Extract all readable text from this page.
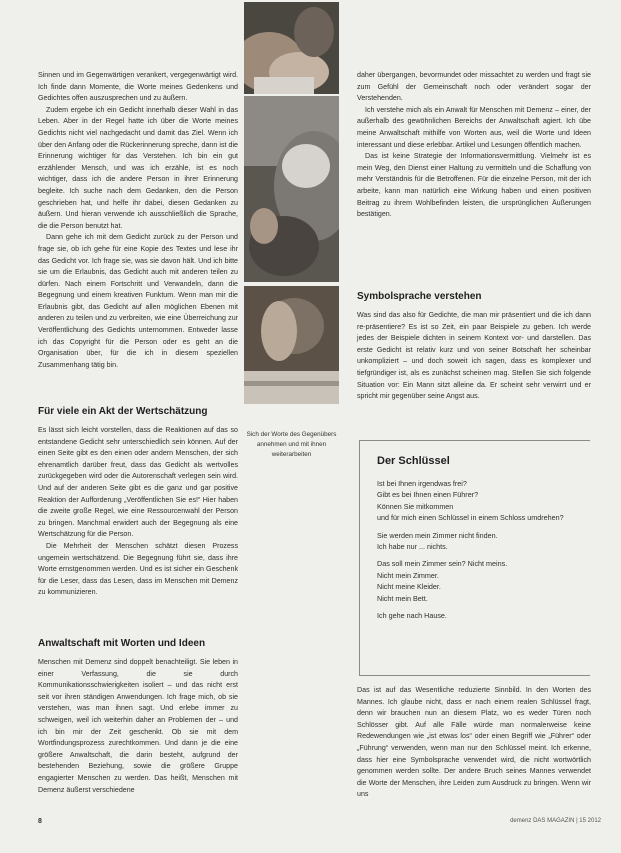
Sinnen und im Gegenwärtigen verankert, vergegenwärtigt wird. Ich finde dann Momente, die Worte meines Gedenkens und Gedichtes offen auszusprechen und zu äußern.

Zudem ergebe ich ein Gedicht innerhalb dieser Wahl in das Leben. Aber in der Regel hatte ich über die Worte meines Gedichts nicht viel nachgedacht und damit das Ziel. Wenn ich über den Anfang oder die Rückerinnerung spreche, dann ist die Erinnerung wichtiger für das Verstehen. Ich bin ein gut erzählender Mensch, und was ich erzähle, ist es noch wichtiger, dass ich die andere Person in ihrer Erinnerung begleite. Ich suche nach dem Gedanken, den die Person geschrieben hat, und helfe ihr dabei, diesen Gedanken zu äußern. Und hieran verwende ich ausschließlich die Sprache, die die Person benutzt hat.

Dann gehe ich mit dem Gedicht zurück zu der Person und frage sie, ob ich gehe für eine Kopie des Textes und lese ihr das Gedicht vor. Ich frage sie, was sie davon hält. Und ich bitte sie um die Erlaubnis, das Gedicht auch mit anderen teilen zu dürfen. Nach einem Fortschritt und Verwandeln, dann die Begegnung und einem kreativen Funktum. Wenn man mir die Erlaubnis gibt, das Gedicht auf allen möglichen Ebenen mit anderen zu teilen und zu verbreiten, wie eine Überreichung zur Veröffentlichung des Gedichts unternommen. Entweder lasse ich das Copyright für die Person oder es geht an die Organisation über, für die ich in diesem speziellen Zusammenhang tätig bin.

Für viele ein Akt der Wertschätzung

Es lässt sich leicht vorstellen, dass die Reaktionen auf das so entstandene Gedicht sehr unterschiedlich sein können. Auf der einen Seite gibt es den einen oder andern Menschen, der sich ehrenamtlich darüber freut, dass das Gedicht als wertvolles zurückgegeben wird oder die Autorenschaft verlegen sein wird. Und auf der anderen Seite gibt es die ganz und gar positive Reaktion der Aufforderung „Veröffentlichen Sie es!“ Hier haben die zweite große Regel, wie eine Ressourcenwahl der Person zu bringen. Manchmal erwidert auch der Begegnung als eine Wertschätzung für die Person.

Die Mehrheit der Menschen schätzt diesen Prozess ungemein wertschätzend. Die Begegnung führt sie, dass ihre Worte ernstgenommen werden. Und es ist sicher ein Geschenk für die Leser, dass das Lesen, dass im Menschen mit Demenz zu kommunizieren.

Anwaltschaft mit Worten und Ideen

Menschen mit Demenz sind doppelt benachteiligt. Sie leben in einer Verfassung, die sie durch Kommunikationsschwierigkeiten isoliert – und das nicht erst seit vor ihren ständigen Anwendungen. Ich frage mich, ob sie verstehen, was man ihnen sagt. Und erlebe immer zu schweigen, weil ich weiterhin daher an Problemen der – und ich bin mir der Zeit geschenkt. Ob sie mit dem Wortfindungsprozess zurechtkommen. Und dann je die eine größere Anwaltschaft, die darin besteht, aufgrund der bestehenden Beziehung, sowie die größere Gruppe engagierter Menschen zu werden. Das heißt, Menschen mit Demenz äußerst verschiedene

Sich der Worte des Gegenübers annehmen und mit ihnen weiterarbeiten

daher übergangen, bevormundet oder missachtet zu werden und fragt sie zum Gefühl der Gemeinschaft noch oder verändert sogar der Verstehenden.

Ich verstehe mich als ein Anwalt für Menschen mit Demenz – einer, der außerhalb des gewöhnlichen Bereichs der Anwaltschaft agiert. Ich übe meine Anwaltschaft mithilfe von Worten aus, weil die Worte und Ideen interessant und diese erlebbar. Artikel und Lesungen öffentlich machen.

Das ist keine Strategie der Informationsvermittlung. Vielmehr ist es mein Weg, den Dienst einer Haltung zu vermitteln und die Schaffung von mehr Verständnis für die Betroffenen. Für die einzelne Person, mit der ich arbeite, kann man natürlich eine Wirkung haben und einen positiven Beitrag zu ihrem Wohlbefinden leisten, die ursprünglichen Äußerungen bestätigen.

Symbolsprache verstehen

Was sind das also für Gedichte, die man mir präsentiert und die ich dann re-präsentiere? Es ist so Zeit, ein paar Beispiele zu geben. Ich werde jedes der Beispiele dichten in seinem Kontext vor- und darstellen. Das erste Gedicht ist relativ kurz und von seiner Botschaft her scheinbar unkompliziert – und doch soweit ich sagen, dass es komplexer und tiefgründiger ist, als es zunächst scheinen mag. Stellen Sie sich folgende Situation vor: Ein Mann sitzt alleine da. Er scheint sehr verwirrt und er spricht mir gegenüber seine Angst aus.

Der Schlüssel
Ist bei Ihnen irgendwas frei?
Gibt es bei Ihnen einen Führer?
Können Sie mitkommen
und für mich einen Schlüssel in einem Schloss umdrehen?
Sie werden mein Zimmer nicht finden.
Ich habe nur ... nichts.
Das soll mein Zimmer sein? Nicht meins.
Nicht mein Zimmer.
Nicht meine Kleider.
Nicht mein Bett.
Ich gehe nach Hause.

Das ist auf das Wesentliche reduzierte Sinnbild. In den Worten des Mannes. Ich glaube nicht, dass er nach einem realen Schlüssel fragt, denn wir brauchen nun an diesem Platz, wo es weder Türen noch Schlösser gibt. Auf alle Fälle würde man normalerweise keine Redewendungen wie „ist etwas los“ oder einen Begriff wie „Führer“ oder „Führung“ verwenden, wenn man nur den Schlüssel meint. Ich erkenne, dass hier eine Symbolsprache verwendet wird, die nicht wortwörtlich genommen werden sollte. Der andere Bruch seines Mannes verwendet die Worte der Menschen, ihre Leiden zum Ausdruck zu bringen. Wenn wir uns

8	demenz DAS MAGAZIN | 15 2012
